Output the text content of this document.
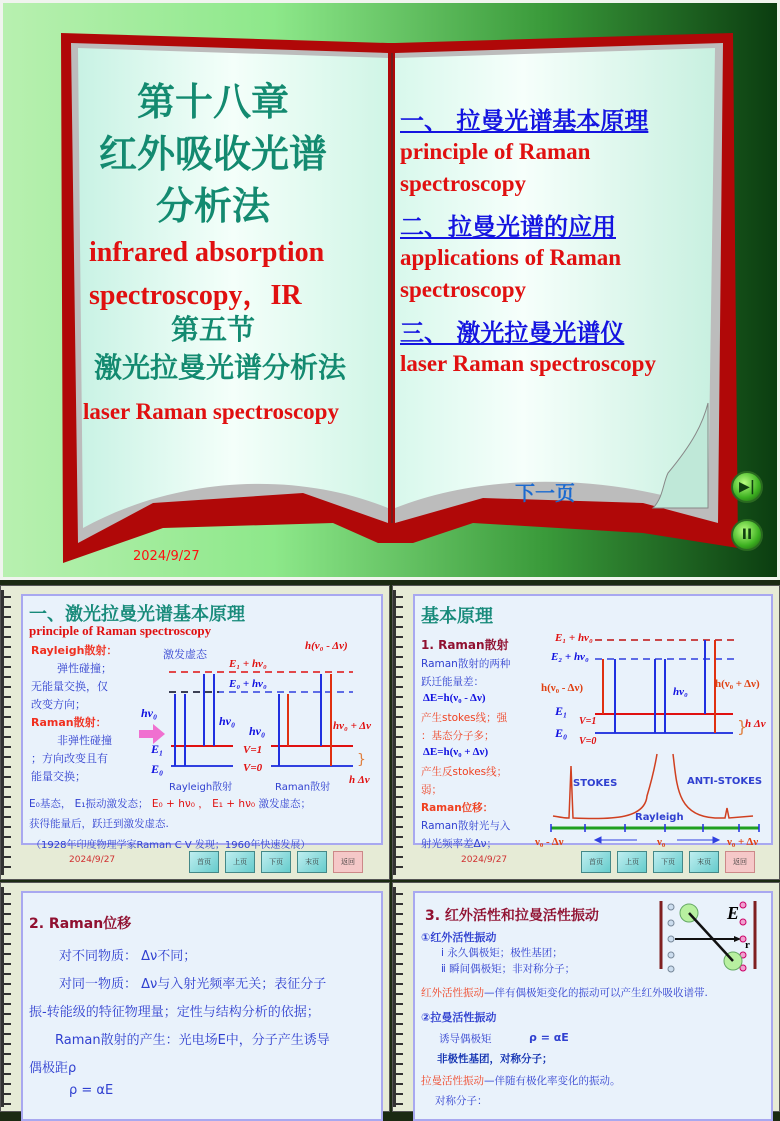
第十八章
红外吸收光谱
分析法
infrared absorption
spectroscopy，IR
第五节
激光拉曼光谱分析法
laser Raman spectroscopy
一、 拉曼光谱基本原理
principle of Raman
spectroscopy
二、拉曼光谱的应用
applications of Raman
spectroscopy
三、 激光拉曼光谱仪
laser Raman spectroscopy
下一页
2024/9/27
▶|
II
一、激光拉曼光谱基本原理
principle of Raman spectroscopy
Rayleigh散射：
弹性碰撞；
无能量交换，仅
改变方向；
Raman散射：
非弹性碰撞
；方向改变且有
能量交换；
}
激发虚态
E₁ + hν₀
E₀ + hν₀
h(ν₀ - Δν)
hν₀
hν₀
hν₀	hν₀ + Δν
E₁
E₀
V=1
V=0
h Δν
Rayleigh散射	Raman散射
E₀基态， E₁振动激发态； E₀ + hν₀ ， E₁ + hν₀ 激发虚态；
获得能量后，跃迁到激发虚态.
（1928年印度物理学家Raman C V 发现；1960年快速发展）
2024/9/27	首页	上页	下页	末页	返回
基本原理
1. Raman散射
Raman散射的两种
跃迁能量差：
ΔE=h(ν₀ - Δν)
产生stokes线；强
：基态分子多；
ΔE=h(ν₀ + Δν)
产生反stokes线；
弱；
Raman位移：
Raman散射光与入
射光频率差Δν；
}
E₁ + hν₀
E₂ + hν₀
h(ν₀ - Δν)	hν₀
h(ν₀ + Δν)
E₁
E₀
V=1
V=0
h Δν
STOKES	ANTI-STOKES
Rayleigh
ν₀ - Δν	ν₀	ν₀ + Δν
2024/9/27	首页	上页	下页	末页	返回
2. Raman位移
对不同物质： Δν不同；
对同一物质： Δν与入射光频率无关；表征分子
振-转能级的特征物理量；定性与结构分析的依据；
Raman散射的产生：光电场E中，分子产生诱导
偶极距ρ
ρ = αE
3. 红外活性和拉曼活性振动
①红外活性振动
ⅰ 永久偶极矩；极性基团；
ⅱ 瞬间偶极矩；非对称分子；
红外活性振动—伴有偶极矩变化的振动可以产生红外吸收谱带.
②拉曼活性振动
诱导偶极矩	ρ = αE
非极性基团，对称分子；
拉曼活性振动—伴随有极化率变化的振动。
对称分子：
E
r
